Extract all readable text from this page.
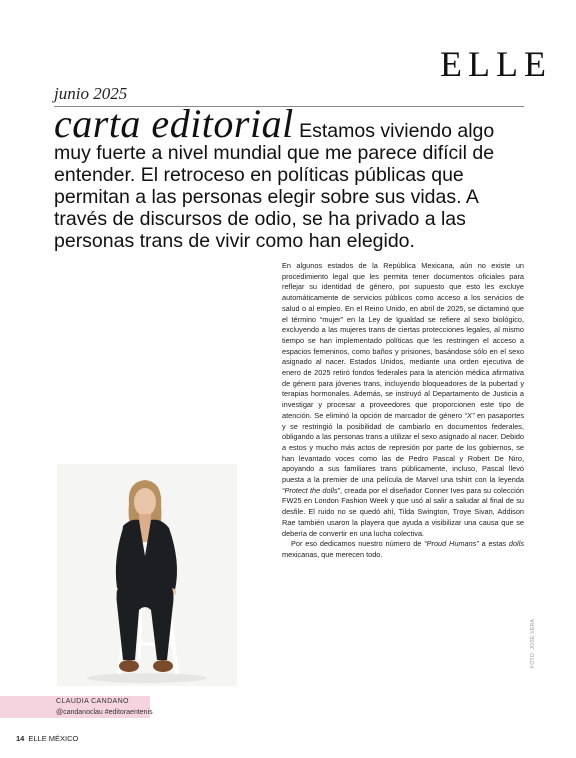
ELLE
junio 2025
carta editorial Estamos viviendo algo muy fuerte a nivel mundial que me parece difícil de entender. El retroceso en políticas públicas que permitan a las personas elegir sobre sus vidas. A través de discursos de odio, se ha privado a las personas trans de vivir como han elegido.

En algunos estados de la República Mexicana, aún no existe un procedimiento legal que les permita tener documentos oficiales para reflejar su identidad de género, por supuesto que esto les excluye automáticamente de servicios públicos como acceso a los servicios de salud o al empleo. En el Reino Unido, en abril de 2025, se dictaminó que el término “mujer” en la Ley de Igualdad se refiere al sexo biológico, excluyendo a las mujeres trans de ciertas protecciones legales, al mismo tiempo se han implementado políticas que les restringen el acceso a espacios femeninos, como baños y prisiones, basándose sólo en el sexo asignado al nacer. Estados Unidos, mediante una orden ejecutiva de enero de 2025 retiró fondos federales para la atención médica afirmativa de género para jóvenes trans, incluyendo bloqueadores de la pubertad y terapias hormonales. Además, se instruyó al Departamento de Justicia a investigar y procesar a proveedores que proporcionen este tipo de atención. Se eliminó la opción de marcador de género “X” en pasaportes y se restringió la posibilidad de cambiarlo en documentos federales, obligando a las personas trans a utilizar el sexo asignado al nacer. Debido a estos y mucho más actos de represión por parte de los gobiernos, se han levantado voces como las de Pedro Pascal y Robert De Niro, apoyando a sus familiares trans públicamente, incluso, Pascal llevó puesta a la premier de una película de Marvel una tshirt con la leyenda “Protect the dolls”, creada por el diseñador Conner Ives para su colección FW25 en London Fashion Week y que usó al salir a saludar al final de su desfile. El ruido no se quedó ahí, Tilda Swington, Troye Sivan, Addison Rae también usaron la playera que ayuda a visibilizar una causa que se debería de convertir en una lucha colectiva.

Por eso dedicamos nuestro número de “Proud Humans” a estas dolls mexicanas, que merecen todo.

CLAUDIA CANDANO
@candanoclau #editoraentenis
FOTO: JOSE VERA
14 ELLE MÉXICO
